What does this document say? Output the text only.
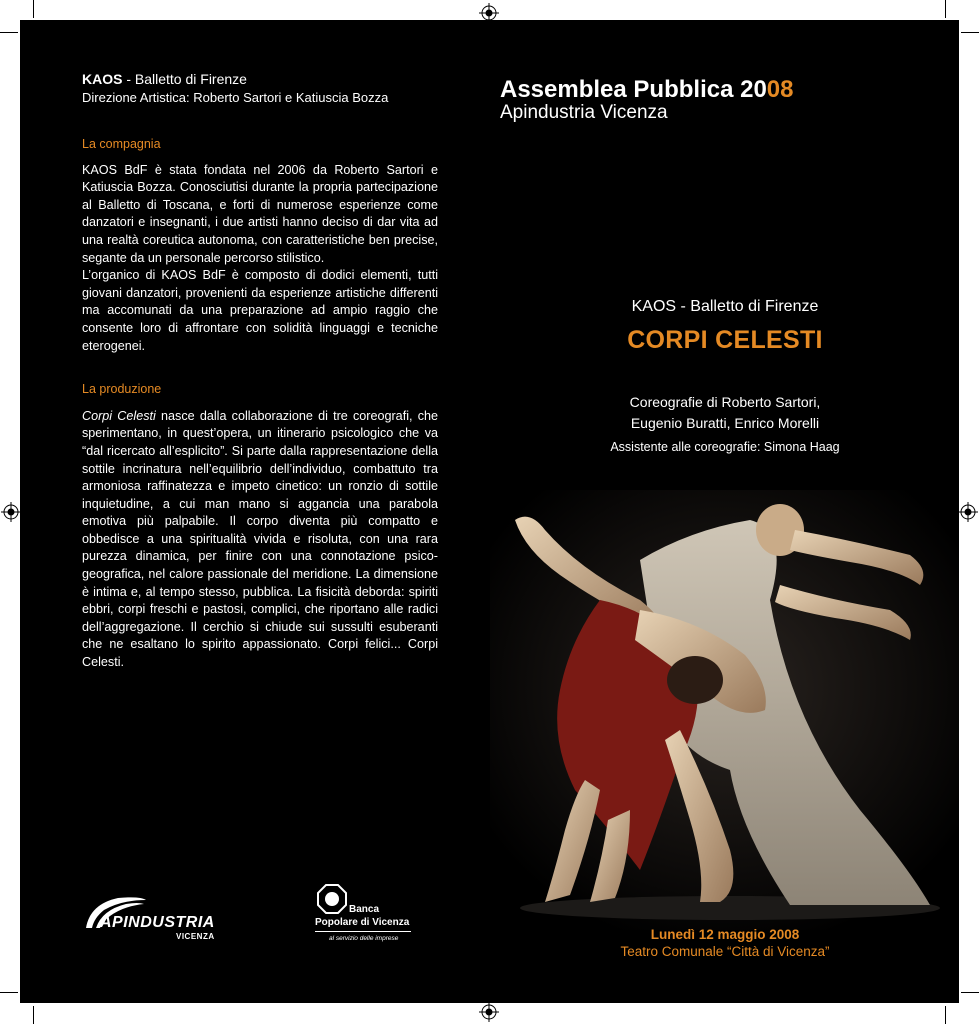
KAOS - Balletto di Firenze
Direzione Artistica: Roberto Sartori e Katiuscia Bozza
La compagnia

KAOS BdF è stata fondata nel 2006 da Roberto Sartori e Katiuscia Bozza. Conosciutisi durante la propria partecipazione al Balletto di Toscana, e forti di numerose esperienze come danzatori e insegnanti, i due artisti hanno deciso di dar vita ad una realtà coreutica autonoma, con caratteristiche ben precise, segante da un personale percorso stilistico.

L’organico di KAOS BdF è composto di dodici elementi, tutti giovani danzatori, provenienti da esperienze artistiche differenti ma accomunati da una preparazione ad ampio raggio che consente loro di affrontare con solidità linguaggi e tecniche eterogenei.

La produzione

Corpi Celesti nasce dalla collaborazione di tre coreografi, che sperimentano, in quest’opera, un itinerario psicologico che va “dal ricercato all’esplicito”. Si parte dalla rappresentazione della sottile incrinatura nell’equilibrio dell’individuo, combattuto tra armoniosa raffinatezza e impeto cinetico: un ronzio di sottile inquietudine, a cui man mano si aggancia una parabola emotiva più palpabile. Il corpo diventa più compatto e obbedisce a una spiritualità vivida e risoluta, con una rara purezza dinamica, per finire con una connotazione psico-geografica, nel calore passionale del meridione. La dimensione è intima e, al tempo stesso, pubblica. La fisicità deborda: spiriti ebbri, corpi freschi e pastosi, complici, che riportano alle radici dell’aggregazione. Il cerchio si chiude sui sussulti esuberanti che ne esaltano lo spirito appassionato. Corpi felici... Corpi Celesti.

Assemblea Pubblica 2008
Apindustria Vicenza
KAOS - Balletto di Firenze
CORPI CELESTI
Coreografie di Roberto Sartori,
Eugenio Buratti, Enrico Morelli
Assistente alle coreografie: Simona Haag
Lunedì 12 maggio 2008
Teatro Comunale “Città di Vicenza”
APINDUSTRIA
VICENZA
Banca
Popolare di Vicenza
al servizio delle imprese
